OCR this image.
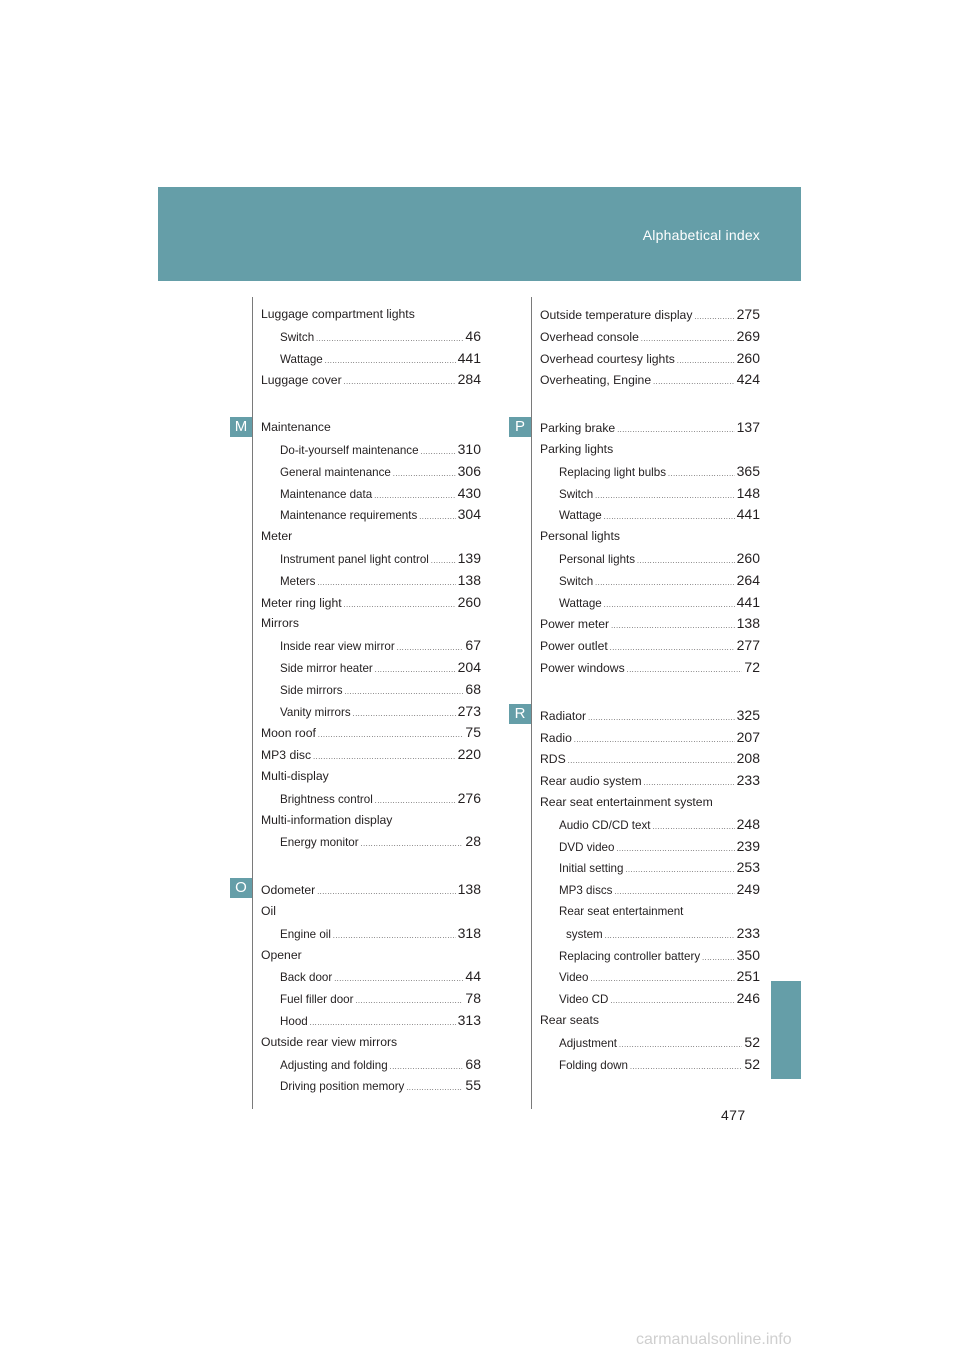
Alphabetical index
M
O
P
R
Luggage compartment lights
Switch .....	46
Wattage .....	441
Luggage cover .....	284
Maintenance
Do-it-yourself maintenance .....	310
General maintenance .....	306
Maintenance data .....	430
Maintenance requirements .....	304
Meter
Instrument panel light control ..... 139
Meters .....	138
Meter ring light .....	260
Mirrors
Inside rear view mirror .....	67
Side mirror heater .....	204
Side mirrors .....	68
Vanity mirrors .....	273
Moon roof .....	75
MP3 disc .....	220
Multi-display
Brightness control .....	276
Multi-information display
Energy monitor .....	28
Odometer .....	138
Oil
Engine oil .....	318
Opener
Back door .....	44
Fuel filler door .....	78
Hood .....	313
Outside rear view mirrors
Adjusting and folding .....	68
Driving position memory .....	55
Outside temperature display .....	275
Overhead console .....	269
Overhead courtesy lights .....	260
Overheating, Engine .....	424
Parking brake .....	137
Parking lights
Replacing light bulbs .....	365
Switch .....	148
Wattage .....	441
Personal lights
Personal lights .....	260
Switch .....	264
Wattage .....	441
Power meter .....	138
Power outlet .....	277
Power windows .....	72
Radiator .....	325
Radio .....	207
RDS .....	208
Rear audio system .....	233
Rear seat entertainment system
Audio CD/CD text .....	248
DVD video .....	239
Initial setting .....	253
MP3 discs .....	249
Rear seat entertainment
system .....	233
Replacing controller battery .....	350
Video .....	251
Video CD .....	246
Rear seats
Adjustment .....	52
Folding down .....	52
477
carmanualsonline.info
